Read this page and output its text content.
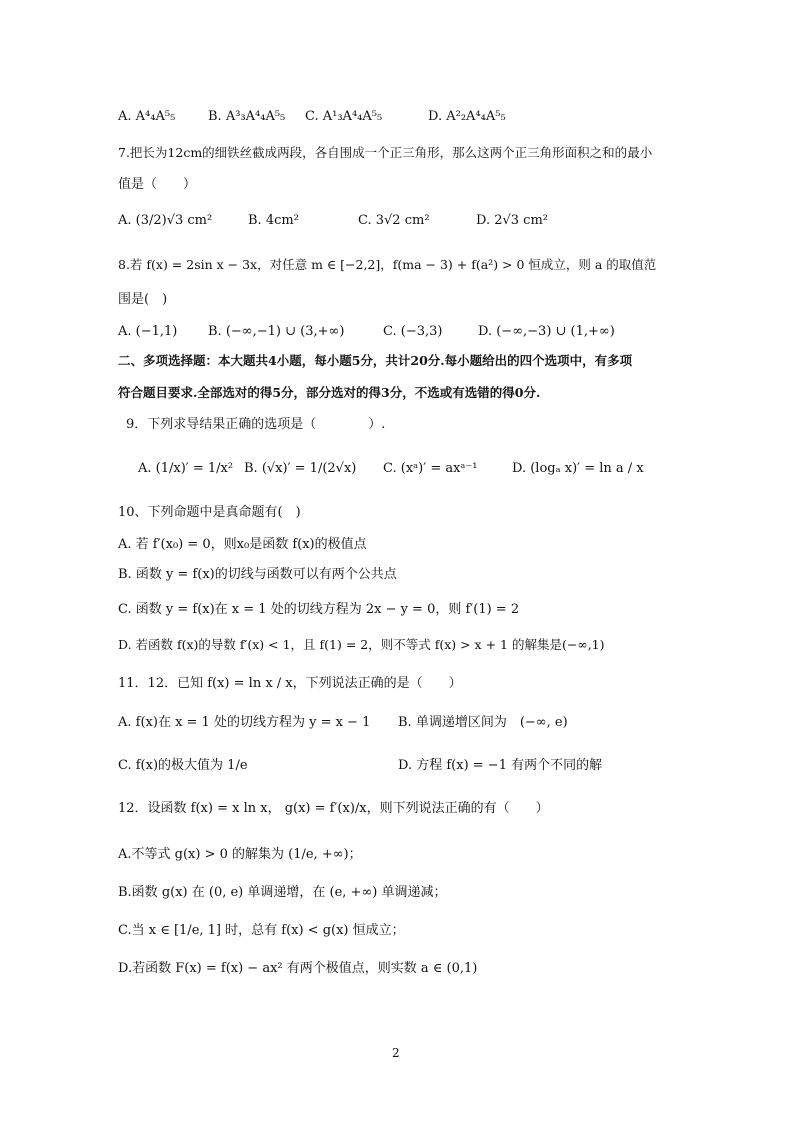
A. A⁴₄A⁵₅	B. A³₃A⁴₄A⁵₅ C. A¹₃A⁴₄A⁵₅	D. A²₂A⁴₄A⁵₅
7.把长为12cm的细铁丝截成两段，各自围成一个正三角形，那么这两个正三角形面积之和的最小
值是（　　）
A. (3/2)√3 cm²	B. 4cm²	C. 3√2 cm²	D. 2√3 cm²
8.若 f(x) = 2sin x − 3x，对任意 m ∈ [−2,2]，f(ma − 3) + f(a²) > 0 恒成立，则 a 的取值范
围是(　)
A. (−1,1) B. (−∞,−1) ∪ (3,+∞)	C. (−3,3)	D. (−∞,−3) ∪ (1,+∞)
二、多项选择题：本大题共4小题，每小题5分，共计20分.每小题给出的四个选项中，有多项
符合题目要求.全部选对的得5分，部分选对的得3分，不选或有选错的得0分.
9．下列求导结果正确的选项是（　　　　）.
A. (1/x)′ = 1/x² B. (√x)′ = 1/(2√x) C. (xᵃ)′ = axᵃ⁻¹	D. (logₐ x)′ = ln a / x
10、下列命题中是真命题有(　)
A. 若 f′(x₀) = 0，则x₀是函数 f(x)的极值点
B. 函数 y = f(x)的切线与函数可以有两个公共点
C. 函数 y = f(x)在 x = 1 处的切线方程为 2x − y = 0，则 f′(1) = 2
D. 若函数 f(x)的导数 f′(x) < 1，且 f(1) = 2，则不等式 f(x) > x + 1 的解集是(−∞,1)
11．12．已知 f(x) = ln x / x，下列说法正确的是（　　）
A. f(x)在 x = 1 处的切线方程为 y = x − 1 B. 单调递增区间为　(−∞, e)
C. f(x)的极大值为 1/e	D. 方程 f(x) = −1 有两个不同的解
12．设函数 f(x) = x ln x， g(x) = f′(x)/x，则下列说法正确的有（　　）
A.不等式 g(x) > 0 的解集为 (1/e, +∞)；
B.函数 g(x) 在 (0, e) 单调递增，在 (e, +∞) 单调递减；
C.当 x ∈ [1/e, 1] 时，总有 f(x) < g(x) 恒成立；
D.若函数 F(x) = f(x) − ax² 有两个极值点，则实数 a ∈ (0,1)
2
